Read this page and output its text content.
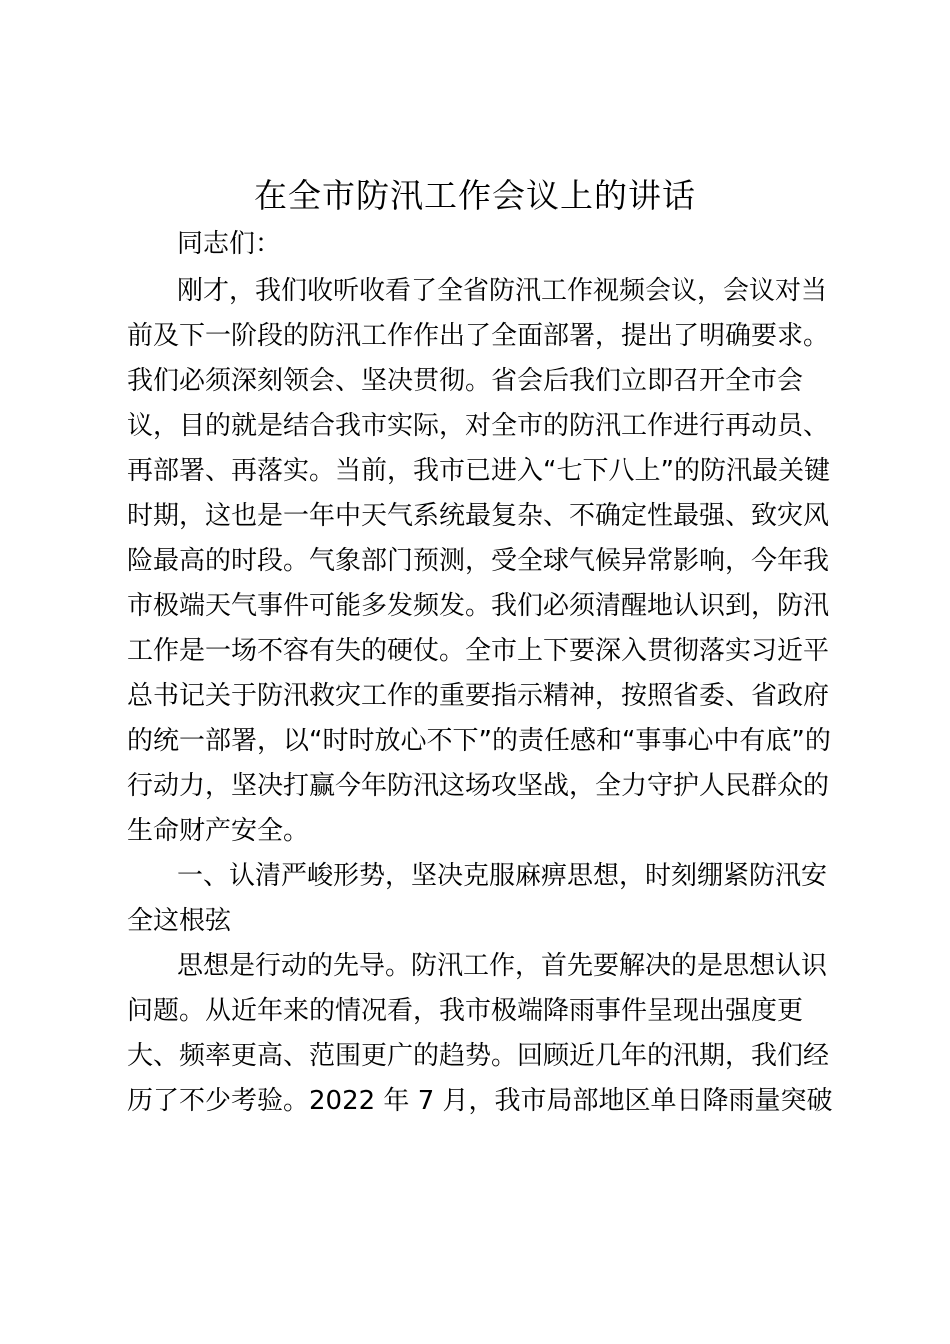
在全市防汛工作会议上的讲话
同志们：
刚才，我们收听收看了全省防汛工作视频会议，会议对当
前及下一阶段的防汛工作作出了全面部署，提出了明确要求。
我们必须深刻领会、坚决贯彻。省会后我们立即召开全市会
议，目的就是结合我市实际，对全市的防汛工作进行再动员、
再部署、再落实。当前，我市已进入“七下八上”的防汛最关键
时期，这也是一年中天气系统最复杂、不确定性最强、致灾风
险最高的时段。气象部门预测，受全球气候异常影响，今年我
市极端天气事件可能多发频发。我们必须清醒地认识到，防汛
工作是一场不容有失的硬仗。全市上下要深入贯彻落实习近平
总书记关于防汛救灾工作的重要指示精神，按照省委、省政府
的统一部署，以“时时放心不下”的责任感和“事事心中有底”的
行动力，坚决打赢今年防汛这场攻坚战，全力守护人民群众的
生命财产安全。
一、认清严峻形势，坚决克服麻痹思想，时刻绷紧防汛安
全这根弦
思想是行动的先导。防汛工作，首先要解决的是思想认识
问题。从近年来的情况看，我市极端降雨事件呈现出强度更
大、频率更高、范围更广的趋势。回顾近几年的汛期，我们经
历了不少考验。2022 年 7 月，我市局部地区单日降雨量突破
